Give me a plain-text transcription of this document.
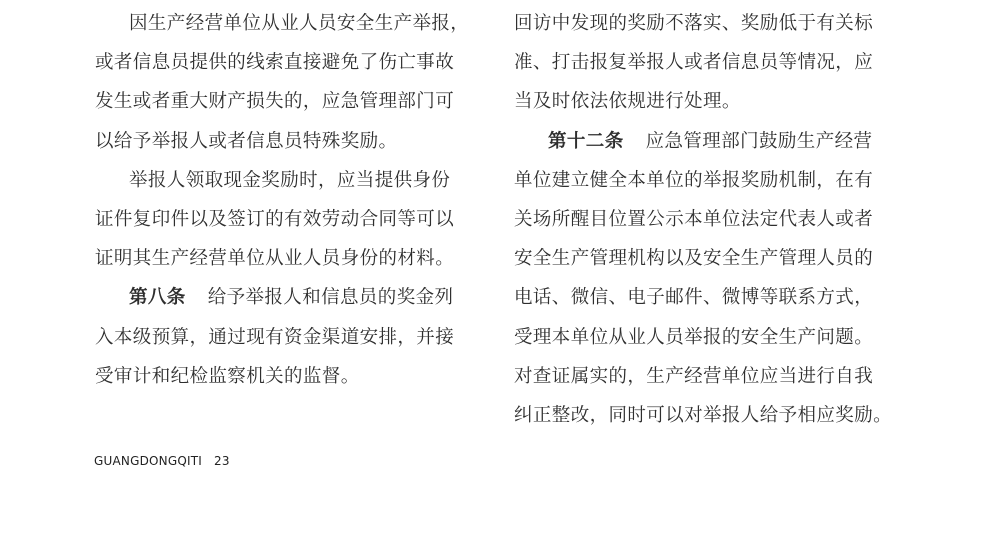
因生产经营单位从业人员安全生产举报，
或者信息员提供的线索直接避免了伤亡事故
发生或者重大财产损失的，应急管理部门可
以给予举报人或者信息员特殊奖励。
举报人领取现金奖励时，应当提供身份
证件复印件以及签订的有效劳动合同等可以
证明其生产经营单位从业人员身份的材料。
第八条 给予举报人和信息员的奖金列
入本级预算，通过现有资金渠道安排，并接
受审计和纪检监察机关的监督。
回访中发现的奖励不落实、奖励低于有关标
准、打击报复举报人或者信息员等情况，应
当及时依法依规进行处理。
第十二条 应急管理部门鼓励生产经营
单位建立健全本单位的举报奖励机制，在有
关场所醒目位置公示本单位法定代表人或者
安全生产管理机构以及安全生产管理人员的
电话、微信、电子邮件、微博等联系方式，
受理本单位从业人员举报的安全生产问题。
对查证属实的，生产经营单位应当进行自我
纠正整改，同时可以对举报人给予相应奖励。
GUANGDONGQITI 23
